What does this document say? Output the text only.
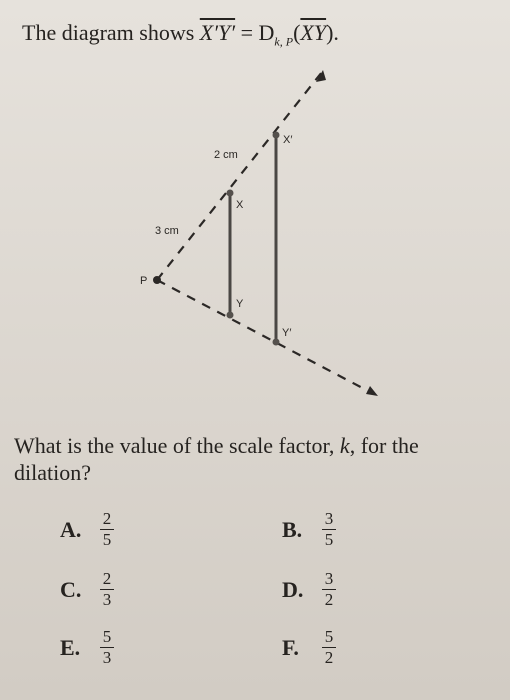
The diagram shows $X'Y' = D_{k, P}(\overline{XY})$.
P
X
Y
X′
Y′
3 cm
2 cm
What is the value of the scale factor, k, for the dilation?
A.	$\frac{2}{5}$	B.	$\frac{3}{5}$
C.	$\frac{2}{3}$	D.	$\frac{3}{2}$
E.	$\frac{5}{3}$	F.	$\frac{5}{2}$
